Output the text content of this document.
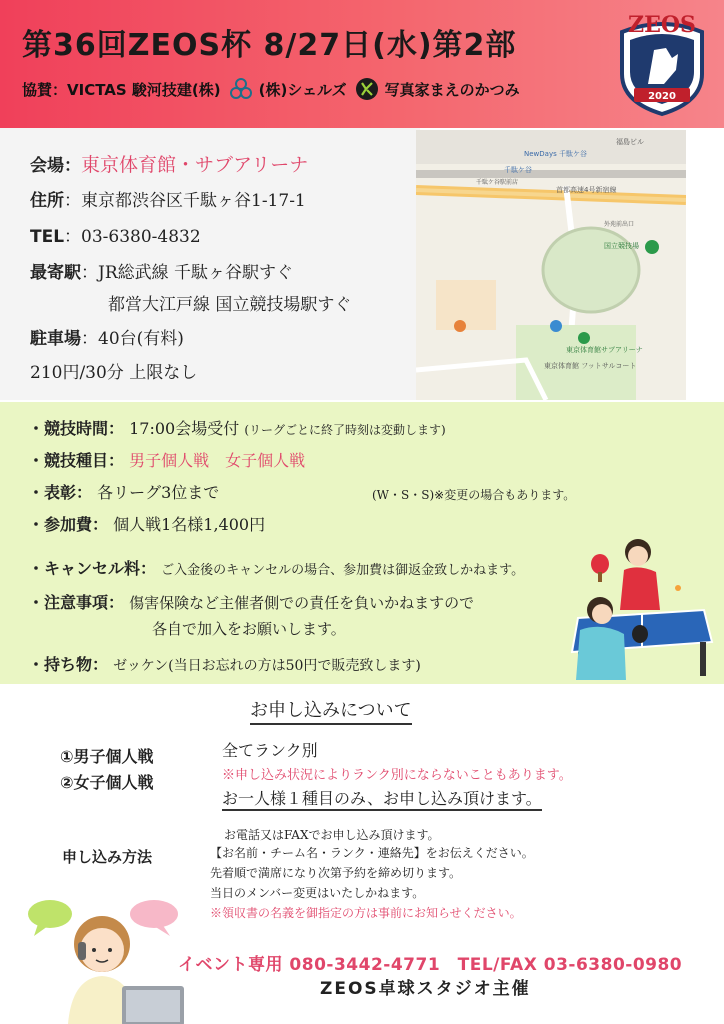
第36回ZEOS杯 8/27日(水)第2部
協賛：VICTAS 駿河技建(株)	(株)シェルズ	写真家まえのかつみ
ZEOS
2020
会場：東京体育館・サブアリーナ
住所：東京都渋谷区千駄ヶ谷1-17-1
TEL：03-6380-4832
最寄駅：JR総武線 千駄ヶ谷駅すぐ
都営大江戸線 国立競技場駅すぐ
駐車場：40台(有料)
210円/30分 上限なし
NewDays 千駄ケ谷
千駄ケ谷
首都高速4号新宿線
国立競技場
東京体育館サブアリーナ
東京体育館 フットサルコート
福島ビル
千駄ケ谷駅前店
外苑前出口
・競技時間： 17:00会場受付 (リーグごとに終了時刻は変動します)
・競技種目： 男子個人戦　女子個人戦
・表彰： 各リーグ3位まで	(W・S・S)※変更の場合もあります。
・参加費： 個人戦1名様1,400円
・キャンセル料： ご入金後のキャンセルの場合、参加費は御返金致しかねます。
・注意事項： 傷害保険など主催者側での責任を負いかねますので
各自で加入をお願いします。
・持ち物： ゼッケン(当日お忘れの方は50円で販売致します)
お申し込みについて
①男子個人戦
②女子個人戦
全てランク別
※申し込み状況によりランク別にならないこともあります。
お一人様１種目のみ、お申し込み頂けます。
申し込み方法
お電話又はFAXでお申し込み頂けます。
【お名前・チーム名・ランク・連絡先】をお伝えください。
先着順で満席になり次第予約を締め切ります。
当日のメンバー変更はいたしかねます。
※領収書の名義を御指定の方は事前にお知らせください。
イベント専用 080-3442-4771　TEL/FAX 03-6380-0980
ZEOS卓球スタジオ主催
